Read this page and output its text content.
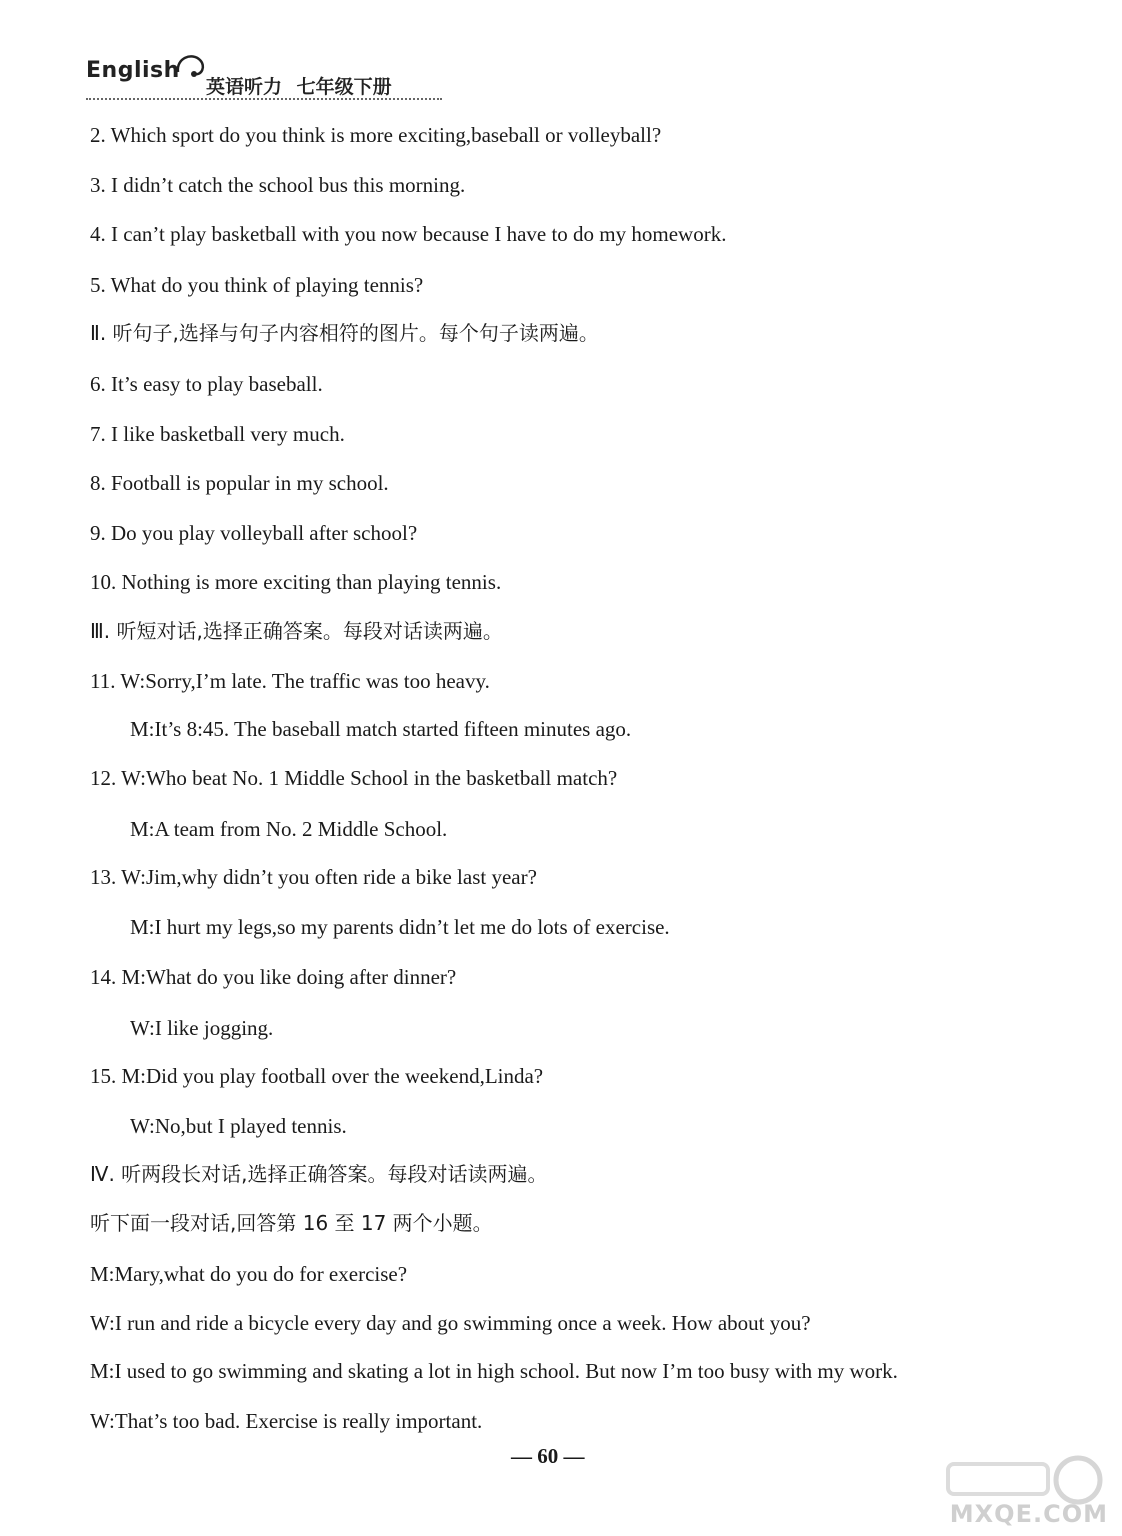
English
英语听力 七年级下册
2. Which sport do you think is more exciting,baseball or volleyball?
3. I didn’t catch the school bus this morning.
4. I can’t play basketball with you now because I have to do my homework.
5. What do you think of playing tennis?
Ⅱ. 听句子,选择与句子内容相符的图片。每个句子读两遍。
6. It’s easy to play baseball.
7. I like basketball very much.
8. Football is popular in my school.
9. Do you play volleyball after school?
10. Nothing is more exciting than playing tennis.
Ⅲ. 听短对话,选择正确答案。每段对话读两遍。
11. W:Sorry,I’m late. The traffic was too heavy.
M:It’s 8:45. The baseball match started fifteen minutes ago.
12. W:Who beat No. 1 Middle School in the basketball match?
M:A team from No. 2 Middle School.
13. W:Jim,why didn’t you often ride a bike last year?
M:I hurt my legs,so my parents didn’t let me do lots of exercise.
14. M:What do you like doing after dinner?
W:I like jogging.
15. M:Did you play football over the weekend,Linda?
W:No,but I played tennis.
Ⅳ. 听两段长对话,选择正确答案。每段对话读两遍。
听下面一段对话,回答第 16 至 17 两个小题。
M:Mary,what do you do for exercise?
W:I run and ride a bicycle every day and go swimming once a week. How about you?
M:I used to go swimming and skating a lot in high school. But now I’m too busy with my work.
W:That’s too bad. Exercise is really important.
— 60 —
MXQE.COM
